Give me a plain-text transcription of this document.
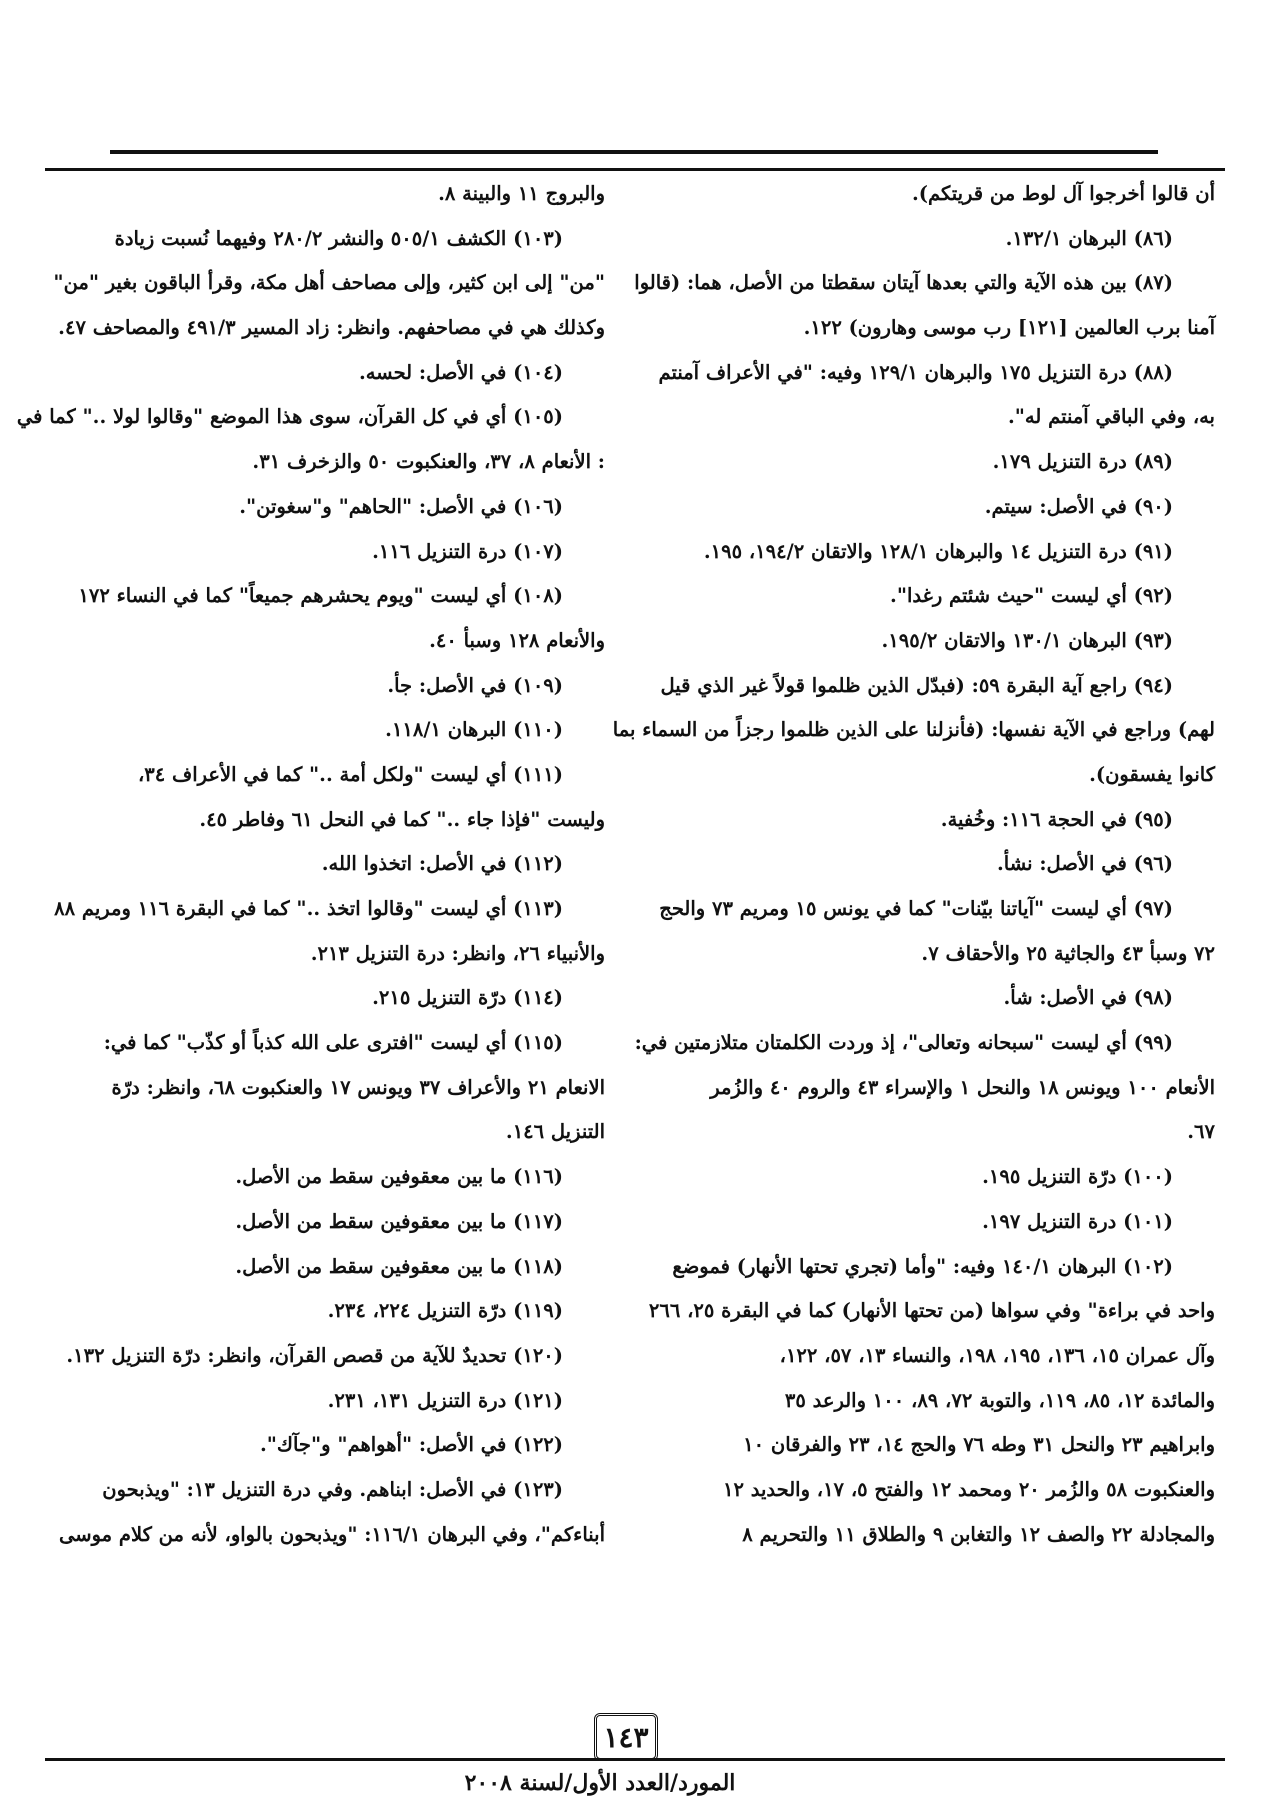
أن قالوا أخرجوا آل لوط من قريتكم).
(٨٦) البرهان ١٣٢/١.
(٨٧) بين هذه الآية والتي بعدها آيتان سقطتا من الأصل، هما: (قالوا
آمنا برب العالمين [١٢١] رب موسى وهارون) ١٢٢.
(٨٨) درة التنزيل ١٧٥ والبرهان ١٢٩/١ وفيه: "في الأعراف آمنتم
به، وفي الباقي آمنتم له".
(٨٩) درة التنزيل ١٧٩.
(٩٠) في الأصل: سيتم.
(٩١) درة التنزيل ١٤ والبرهان ١٢٨/١ والاتقان ١٩٤/٢، ١٩٥.
(٩٢) أي ليست "حيث شئتم رغدا".
(٩٣) البرهان ١٣٠/١ والاتقان ١٩٥/٢.
(٩٤) راجع آية البقرة ٥٩: (فبدّل الذين ظلموا قولاً غير الذي قيل
لهم) وراجع في الآية نفسها: (فأنزلنا على الذين ظلموا رجزاً من السماء بما
كانوا يفسقون).
(٩٥) في الحجة ١١٦: وخُفية.
(٩٦) في الأصل: نشأ.
(٩٧) أي ليست "آياتنا بيّنات" كما في يونس ١٥ ومريم ٧٣ والحج
٧٢ وسبأ ٤٣ والجاثية ٢٥ والأحقاف ٧.
(٩٨) في الأصل: شأ.
(٩٩) أي ليست "سبحانه وتعالى"، إذ وردت الكلمتان متلازمتين في:
الأنعام ١٠٠ ويونس ١٨ والنحل ١ والإسراء ٤٣ والروم ٤٠ والزُمر
٦٧.
(١٠٠) درّة التنزيل ١٩٥.
(١٠١) درة التنزيل ١٩٧.
(١٠٢) البرهان ١٤٠/١ وفيه: "وأما (تجري تحتها الأنهار) فموضع
واحد في براءة" وفي سواها (من تحتها الأنهار) كما في البقرة ٢٥، ٢٦٦
وآل عمران ١٥، ١٣٦، ١٩٥، ١٩٨، والنساء ١٣، ٥٧، ١٢٢،
والمائدة ١٢، ٨٥، ١١٩، والتوبة ٧٢، ٨٩، ١٠٠ والرعد ٣٥
وابراهيم ٢٣ والنحل ٣١ وطه ٧٦ والحج ١٤، ٢٣ والفرقان ١٠
والعنكبوت ٥٨ والزُمر ٢٠ ومحمد ١٢ والفتح ٥، ١٧، والحديد ١٢
والمجادلة ٢٢ والصف ١٢ والتغابن ٩ والطلاق ١١ والتحريم ٨
والبروج ١١ والبينة ٨.
(١٠٣) الكشف ٥٠٥/١ والنشر ٢٨٠/٢ وفيهما نُسبت زيادة
"من" إلى ابن كثير، وإلى مصاحف أهل مكة، وقرأ الباقون بغير "من"
وكذلك هي في مصاحفهم. وانظر: زاد المسير ٤٩١/٣ والمصاحف ٤٧.
(١٠٤) في الأصل: لحسه.
(١٠٥) أي في كل القرآن، سوى هذا الموضع "وقالوا لولا .." كما في
: الأنعام ٨، ٣٧، والعنكبوت ٥٠ والزخرف ٣١.
(١٠٦) في الأصل: "الحاهم" و"سغوتن".
(١٠٧) درة التنزيل ١١٦.
(١٠٨) أي ليست "ويوم يحشرهم جميعاً" كما في النساء ١٧٢
والأنعام ١٢٨ وسبأ ٤٠.
(١٠٩) في الأصل: جأ.
(١١٠) البرهان ١١٨/١.
(١١١) أي ليست "ولكل أمة .." كما في الأعراف ٣٤،
وليست "فإذا جاء .." كما في النحل ٦١ وفاطر ٤٥.
(١١٢) في الأصل: اتخذوا الله.
(١١٣) أي ليست "وقالوا اتخذ .." كما في البقرة ١١٦ ومريم ٨٨
والأنبياء ٢٦، وانظر: درة التنزيل ٢١٣.
(١١٤) درّة التنزيل ٢١٥.
(١١٥) أي ليست "افترى على الله كذباً أو كذّب" كما في:
الانعام ٢١ والأعراف ٣٧ ويونس ١٧ والعنكبوت ٦٨، وانظر: درّة
التنزيل ١٤٦.
(١١٦) ما بين معقوفين سقط من الأصل.
(١١٧) ما بين معقوفين سقط من الأصل.
(١١٨) ما بين معقوفين سقط من الأصل.
(١١٩) درّة التنزيل ٢٢٤، ٢٣٤.
(١٢٠) تحديدٌ للآية من قصص القرآن، وانظر: درّة التنزيل ١٣٢.
(١٢١) درة التنزيل ١٣١، ٢٣١.
(١٢٢) في الأصل: "أهواهم" و"جآك".
(١٢٣) في الأصل: ابناهم. وفي درة التنزيل ١٣: "ويذبحون
أبناءكم"، وفي البرهان ١١٦/١: "ويذبحون بالواو، لأنه من كلام موسى
١٤٣
المورد/العدد الأول/لسنة ٢٠٠٨
